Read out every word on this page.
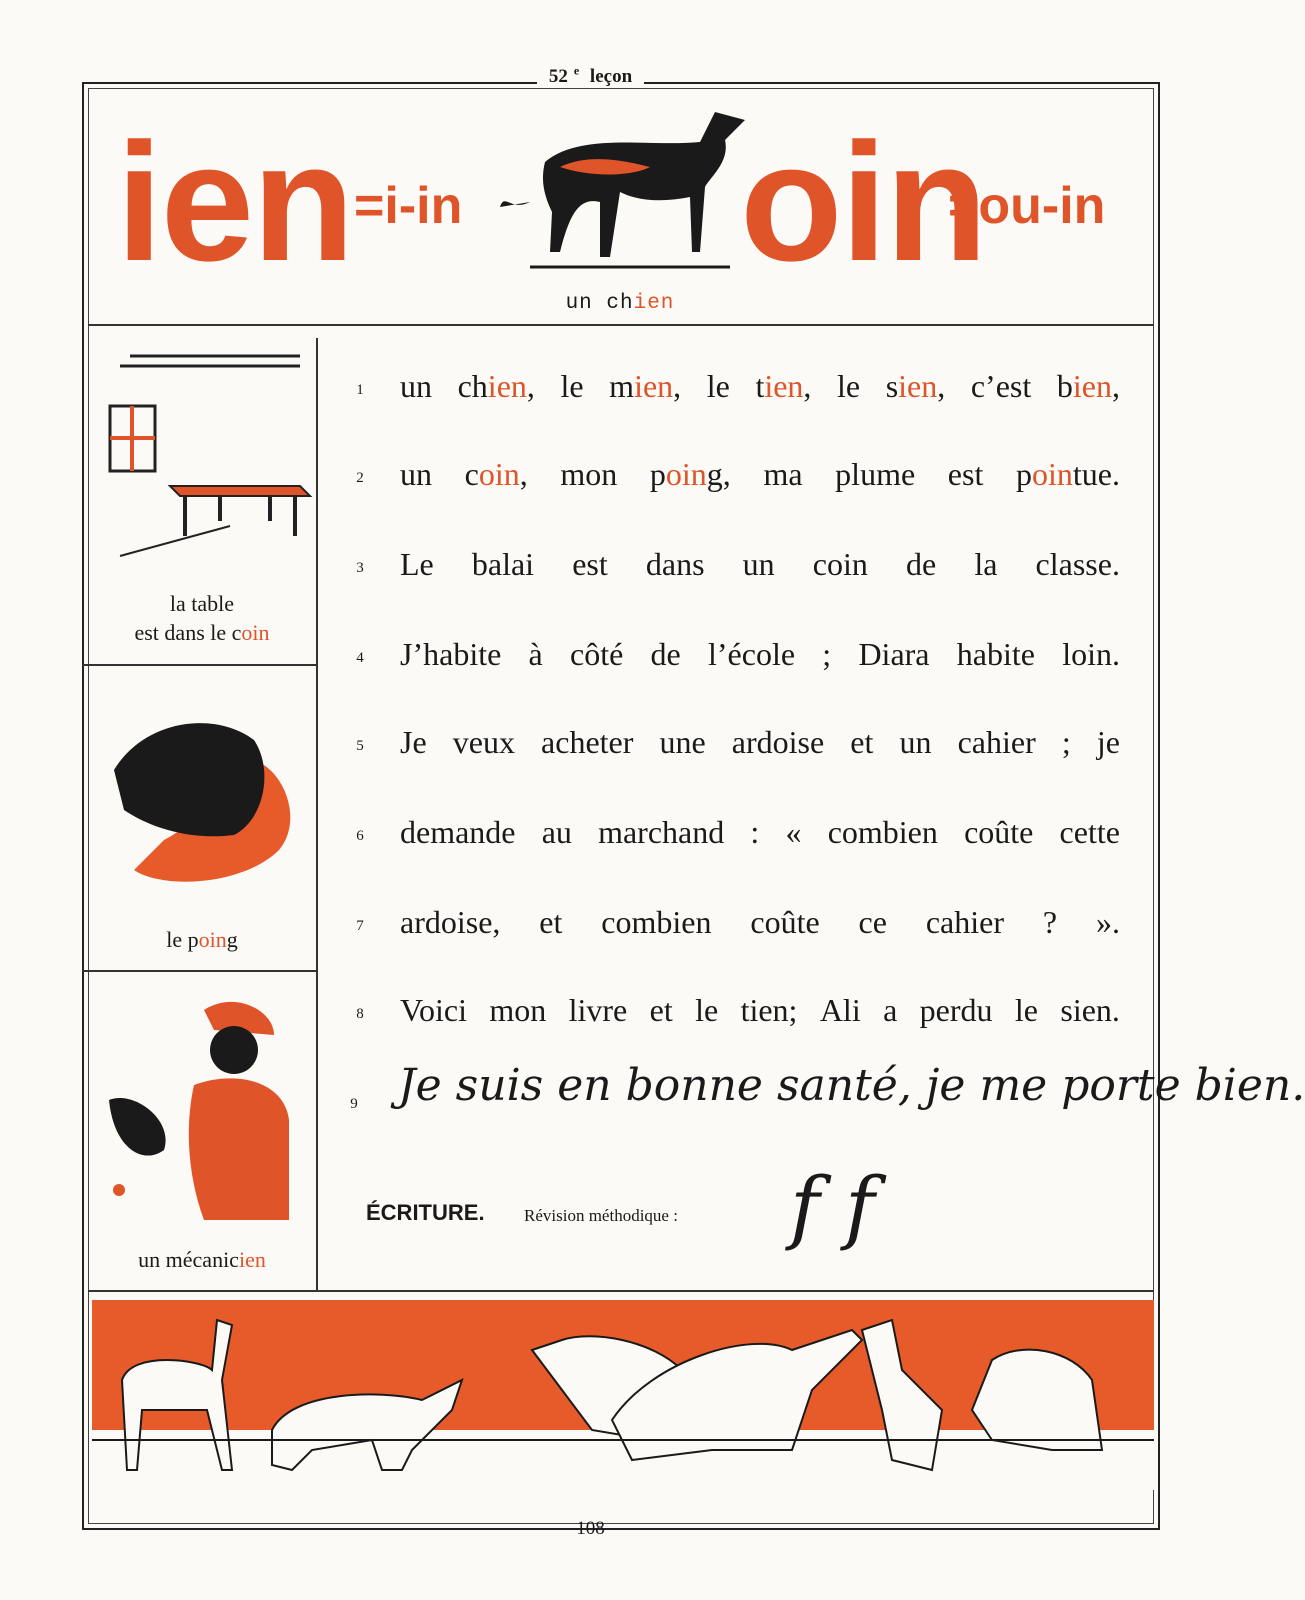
52 $^e$ leçon
ien =i-in oin
=ou-in
un chien
la table
est dans le coin
le poing
un mécanicien
1 un chien, le mien, le tien, le sien, c’est bien,
2 un coin, mon poing, ma plume est pointue.
3 Le balai est dans un coin de la classe.
4 J’habite à côté de l’école ; Diara habite loin.
5 Je veux acheter une ardoise et un cahier ; je
6 demande au marchand : « combien coûte cette
7 ardoise, et combien coûte ce cahier ? ».
8 Voici mon livre et le tien; Ali a perdu le sien.
9 Je suis en bonne santé, je me porte bien.
ÉCRITURE. Révision méthodique : f f
108
